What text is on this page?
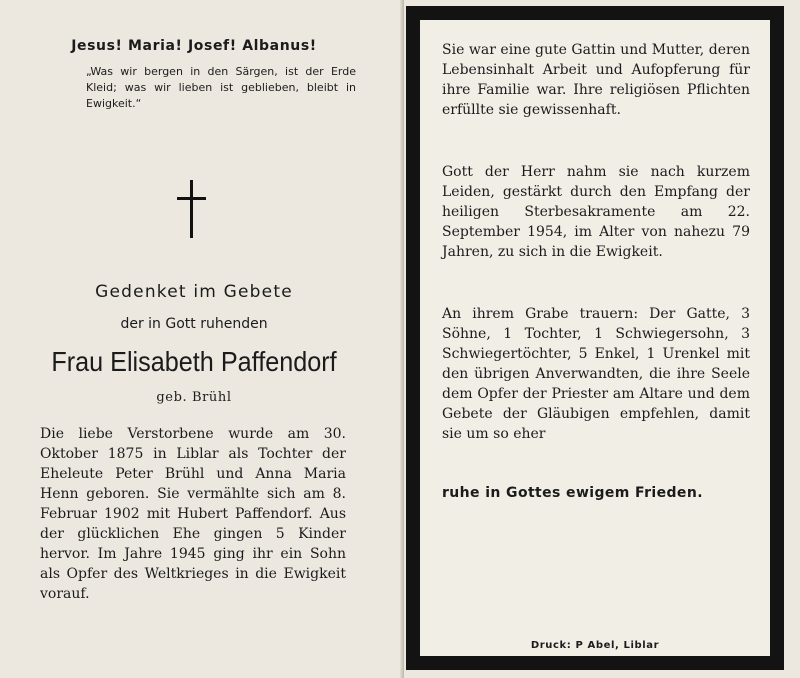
Jesus! Maria! Josef! Albanus!
„Was wir bergen in den Särgen, ist der Erde Kleid; was wir lieben ist geblieben, bleibt in Ewigkeit.“
Gedenket im Gebete
der in Gott ruhenden
Frau Elisabeth Paffendorf
geb. Brühl
Die liebe Verstorbene wurde am 30. Oktober 1875 in Liblar als Tochter der Eheleute Peter Brühl und Anna Maria Henn geboren. Sie vermählte sich am 8. Februar 1902 mit Hubert Paffendorf. Aus der glücklichen Ehe gingen 5 Kinder hervor. Im Jahre 1945 ging ihr ein Sohn als Opfer des Weltkrieges in die Ewigkeit vorauf.
Sie war eine gute Gattin und Mutter, deren Lebensinhalt Arbeit und Aufopferung für ihre Familie war. Ihre religiösen Pflichten erfüllte sie gewissenhaft.
Gott der Herr nahm sie nach kurzem Leiden, gestärkt durch den Empfang der heiligen Sterbesakramente am 22. September 1954, im Alter von nahezu 79 Jahren, zu sich in die Ewigkeit.
An ihrem Grabe trauern: Der Gatte, 3 Söhne, 1 Tochter, 1 Schwiegersohn, 3 Schwiegertöchter, 5 Enkel, 1 Urenkel mit den übrigen Anverwandten, die ihre Seele dem Opfer der Priester am Altare und dem Gebete der Gläubigen empfehlen, damit sie um so eher
ruhe in Gottes ewigem Frieden.
Druck: P Abel, Liblar
